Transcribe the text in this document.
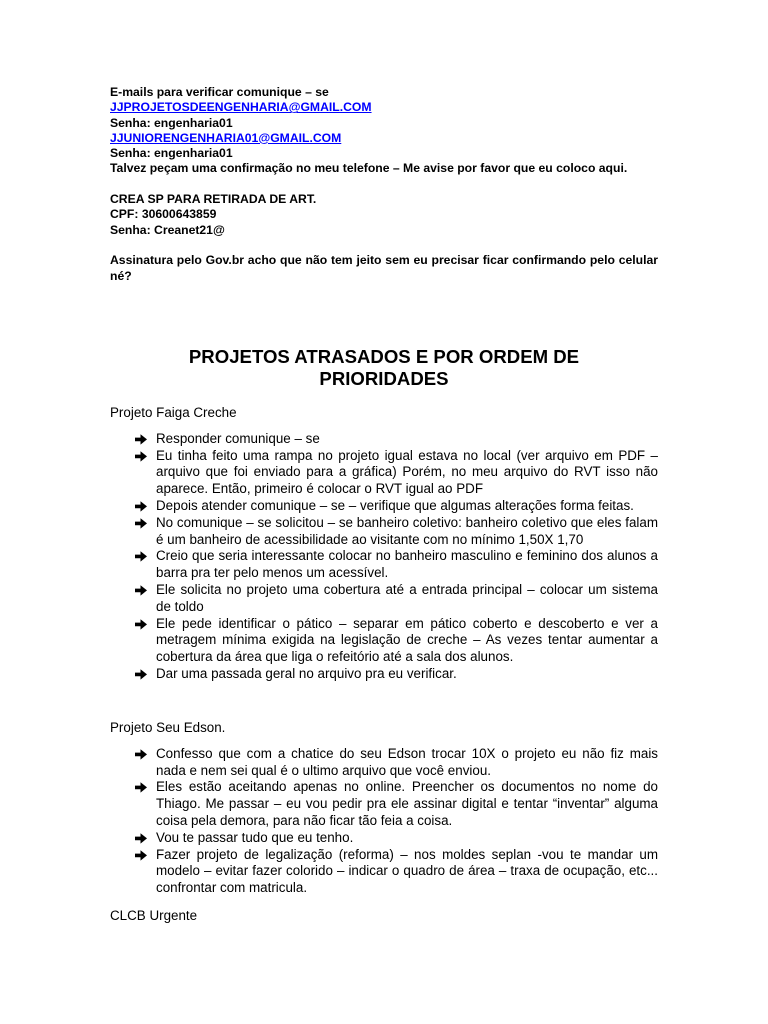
E-mails para verificar comunique – se
JJPROJETOSDEENGENHARIA@GMAIL.COM
Senha: engenharia01
JJUNIORENGENHARIA01@GMAIL.COM
Senha: engenharia01
Talvez peçam uma confirmação no meu telefone – Me avise por favor que eu coloco aqui.
CREA SP PARA RETIRADA DE ART.
CPF: 30600643859
Senha: Creanet21@
Assinatura pelo Gov.br acho que não tem jeito sem eu precisar ficar confirmando pelo celular né?
PROJETOS ATRASADOS E POR ORDEM DE
PRIORIDADES
Projeto Faiga Creche
Responder comunique – se
Eu tinha feito uma rampa no projeto igual estava no local (ver arquivo em PDF – arquivo que foi enviado para a gráfica) Porém, no meu arquivo do RVT isso não aparece. Então, primeiro é colocar o RVT igual ao PDF
Depois atender comunique – se – verifique que algumas alterações forma feitas.
No comunique – se solicitou – se banheiro coletivo: banheiro coletivo que eles falam é um banheiro de acessibilidade ao visitante com no mínimo 1,50X 1,70
Creio que seria interessante colocar no banheiro masculino e feminino dos alunos a barra pra ter pelo menos um acessível.
Ele solicita no projeto uma cobertura até a entrada principal – colocar um sistema de toldo
Ele pede identificar o pático – separar em pático coberto e descoberto e ver a metragem mínima exigida na legislação de creche – As vezes tentar aumentar a cobertura da área que liga o refeitório até a sala dos alunos.
Dar uma passada geral no arquivo pra eu verificar.
Projeto Seu Edson.
Confesso que com a chatice do seu Edson trocar 10X o projeto eu não fiz mais nada e nem sei qual é o ultimo arquivo que você enviou.
Eles estão aceitando apenas no online. Preencher os documentos no nome do Thiago. Me passar – eu vou pedir pra ele assinar digital e tentar “inventar” alguma coisa pela demora, para não ficar tão feia a coisa.
Vou te passar tudo que eu tenho.
Fazer projeto de legalização (reforma) – nos moldes seplan -vou te mandar um modelo – evitar fazer colorido – indicar o quadro de área – traxa de ocupação, etc... confrontar com matricula.
CLCB Urgente
